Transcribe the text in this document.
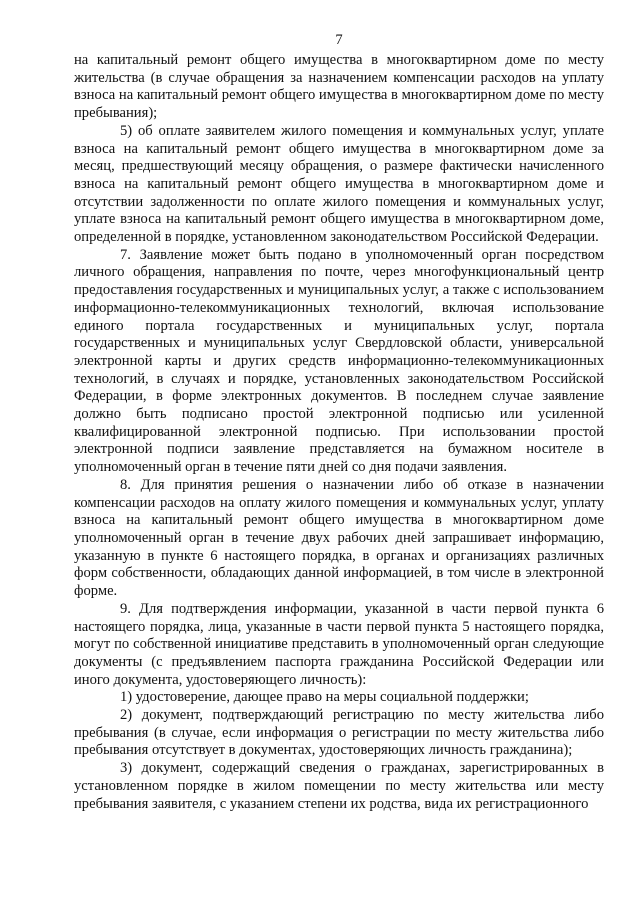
7

на капитальный ремонт общего имущества в многоквартирном доме по месту жительства (в случае обращения за назначением компенсации расходов на уплату взноса на капитальный ремонт общего имущества в многоквартирном доме по месту пребывания);

5) об оплате заявителем жилого помещения и коммунальных услуг, уплате взноса на капитальный ремонт общего имущества в многоквартирном доме за месяц, предшествующий месяцу обращения, о размере фактически начисленного взноса на капитальный ремонт общего имущества в многоквартирном доме и отсутствии задолженности по оплате жилого помещения и коммунальных услуг, уплате взноса на капитальный ремонт общего имущества в многоквартирном доме, определенной в порядке, установленном законодательством Российской Федерации.

7. Заявление может быть подано в уполномоченный орган посредством личного обращения, направления по почте, через многофункциональный центр предоставления государственных и муниципальных услуг, а также с использованием информационно-телекоммуникационных технологий, включая использование единого портала государственных и муниципальных услуг, портала государственных и муниципальных услуг Свердловской области, универсальной электронной карты и других средств информационно-телекоммуникационных технологий, в случаях и порядке, установленных законодательством Российской Федерации, в форме электронных документов. В последнем случае заявление должно быть подписано простой электронной подписью или усиленной квалифицированной электронной подписью. При использовании простой электронной подписи заявление представляется на бумажном носителе в уполномоченный орган в течение пяти дней со дня подачи заявления.

8. Для принятия решения о назначении либо об отказе в назначении компенсации расходов на оплату жилого помещения и коммунальных услуг, уплату взноса на капитальный ремонт общего имущества в многоквартирном доме уполномоченный орган в течение двух рабочих дней запрашивает информацию, указанную в пункте 6 настоящего порядка, в органах и организациях различных форм собственности, обладающих данной информацией, в том числе в электронной форме.

9. Для подтверждения информации, указанной в части первой пункта 6 настоящего порядка, лица, указанные в части первой пункта 5 настоящего порядка, могут по собственной инициативе представить в уполномоченный орган следующие документы (с предъявлением паспорта гражданина Российской Федерации или иного документа, удостоверяющего личность):

1) удостоверение, дающее право на меры социальной поддержки;

2) документ, подтверждающий регистрацию по месту жительства либо пребывания (в случае, если информация о регистрации по месту жительства либо пребывания отсутствует в документах, удостоверяющих личность гражданина);

3) документ, содержащий сведения о гражданах, зарегистрированных в установленном порядке в жилом помещении по месту жительства или месту пребывания заявителя, с указанием степени их родства, вида их регистрационного
